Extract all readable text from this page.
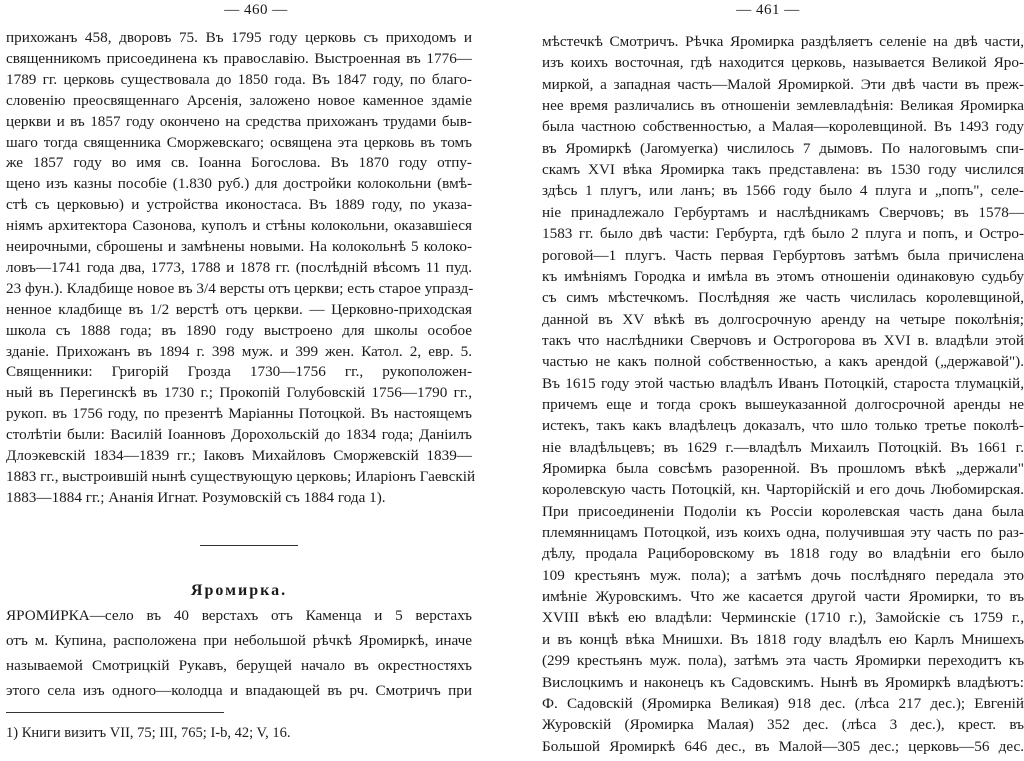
— 460 —
прихожанъ 458, дворовъ 75. Въ 1795 году церковь съ приходомъ и
священникомъ присоединена къ православію. Выстроенная въ 1776—
1789 гг. церковь существовала до 1850 года. Въ 1847 году, по благо-
словенію преосвященнаго Арсенія, заложено новое каменное здаміе
церкви и въ 1857 году окончено на средства прихожанъ трудами быв-
шаго тогда священника Сморжевскаго; освящена эта церковь въ томъ
же 1857 году во имя св. Іоанна Богослова. Въ 1870 году отпу-
щено изъ казны пособіе (1.830 руб.) для достройки колокольни (вмѣ-
стѣ съ церковью) и устройства иконостаса. Въ 1889 году, по указа-
ніямъ архитектора Сазонова, куполъ и стѣны колокольни, оказавшіеся
неирочными, сброшены и замѣнены новыми. На колокольнѣ 5 колоко-
ловъ—1741 года два, 1773, 1788 и 1878 гг. (послѣдній вѣсомъ 11 пуд.
23 фун.). Кладбище новое въ 3/4 версты отъ церкви; есть старое упразд-
ненное кладбище въ 1/2 верстѣ отъ церкви. — Церковно-приходская
школа съ 1888 года; въ 1890 году выстроено для школы особое
зданіе. Прихожанъ въ 1894 г. 398 муж. и 399 жен. Катол. 2, евр. 5.
Священники: Григорій Грозда 1730—1756 гг., рукоположен-
ный въ Перегинскѣ въ 1730 г.; Прокопій Голубовскій 1756—1790 гг.,
рукоп. въ 1756 году, по презентѣ Маріанны Потоцкой. Въ настоящемъ
столѣтіи были: Василій Іоанновъ Дорохольскій до 1834 года; Даніилъ
Длоэкевскій 1834—1839 гг.; Іаковъ Михайловъ Сморжевскій 1839—
1883 гг., выстроившій нынѣ существующую церковь; Иларіонъ Гаевскій
1883—1884 гг.; Ананія Игнат. Розумовскій съ 1884 года 1).
Яромирка.
ЯРОМИРКА—село въ 40 верстахъ отъ Каменца и 5 верстахъ
отъ м. Купина, расположена при небольшой рѣчкѣ Яромиркѣ, иначе
называемой Смотрицкій Рукавъ, берущей начало въ окрестностяхъ
этого села изъ одного—колодца и впадающей въ рч. Смотричъ при
1) Книги визитъ VII, 75; III, 765; I-b, 42; V, 16.
— 461 —
мѣстечкѣ Смотричъ. Рѣчка Яромирка раздѣляетъ селеніе на двѣ части,
изъ коихъ восточная, гдѣ находится церковь, называется Великой Яро-
миркой, а западная часть—Малой Яромиркой. Эти двѣ части въ преж-
нее время различались въ отношеніи землевладѣнія: Великая Яромирка
была частною собственностью, а Малая—королевщиной. Въ 1493 году
въ Яромиркѣ (Jarомyerка) числилось 7 дымовъ. По налоговымъ спи-
скамъ XVI вѣка Яромирка такъ представлена: въ 1530 году числился
здѣсь 1 плугъ, или ланъ; въ 1566 году было 4 плуга и „попъ", селе-
ніе принадлежало Гербуртамъ и наслѣдникамъ Сверчовъ; въ 1578—
1583 гг. было двѣ части: Гербурта, гдѣ было 2 плуга и попъ, и Остро-
роговой—1 плугъ. Часть первая Гербуртовъ затѣмъ была причислена
къ имѣніямъ Городка и имѣла въ этомъ отношеніи одинаковую судьбу
съ симъ мѣстечкомъ. Послѣдняя же часть числилась королевщиной,
данной въ XV вѣкѣ въ долгосрочную аренду на четыре поколѣнія;
такъ что наслѣдники Сверчовъ и Острогорова въ XVI в. владѣли этой
частью не какъ полной собственностью, а какъ арендой („державой").
Въ 1615 году этой частью владѣлъ Иванъ Потоцкій, староста тлумацкій,
причемъ еще и тогда срокъ вышеуказанной долгосрочной аренды не
истекъ, такъ какъ владѣлецъ доказалъ, что шло только третье поколѣ-
ніе владѣльцевъ; въ 1629 г.—владѣлъ Михаилъ Потоцкій. Въ 1661 г.
Яромирка была совсѣмъ разоренной. Въ прошломъ вѣкѣ „держали"
королевскую часть Потоцкій, кн. Чарторійскій и его дочь Любомирская.
При присоединеніи Подоліи къ Россіи королевская часть дана была
племянницамъ Потоцкой, изъ коихъ одна, получившая эту часть по раз-
дѣлу, продала Рациборовскому въ 1818 году во владѣніи его было
109 крестьянъ муж. пола); а затѣмъ дочь послѣдняго передала это
имѣніе Журовскимъ. Что же касается другой части Яромирки, то въ
XVIII вѣкѣ ею владѣли: Черминскіе (1710 г.), Замойскіе съ 1759 г.,
и въ концѣ вѣка Мнишхи. Въ 1818 году владѣлъ ею Карлъ Мнишехъ
(299 крестьянъ муж. пола), затѣмъ эта часть Яромирки переходитъ къ
Вислоцкимъ и наконецъ къ Садовскимъ. Нынѣ въ Яромиркѣ владѣютъ:
Ф. Садовскій (Яромирка Великая) 918 дес. (лѣса 217 дес.); Евгеній
Журовскій (Яромирка Малая) 352 дес. (лѣса 3 дес.), крест. въ
Большой Яромиркѣ 646 дес., въ Малой—305 дес.; церковь—56 дес.
